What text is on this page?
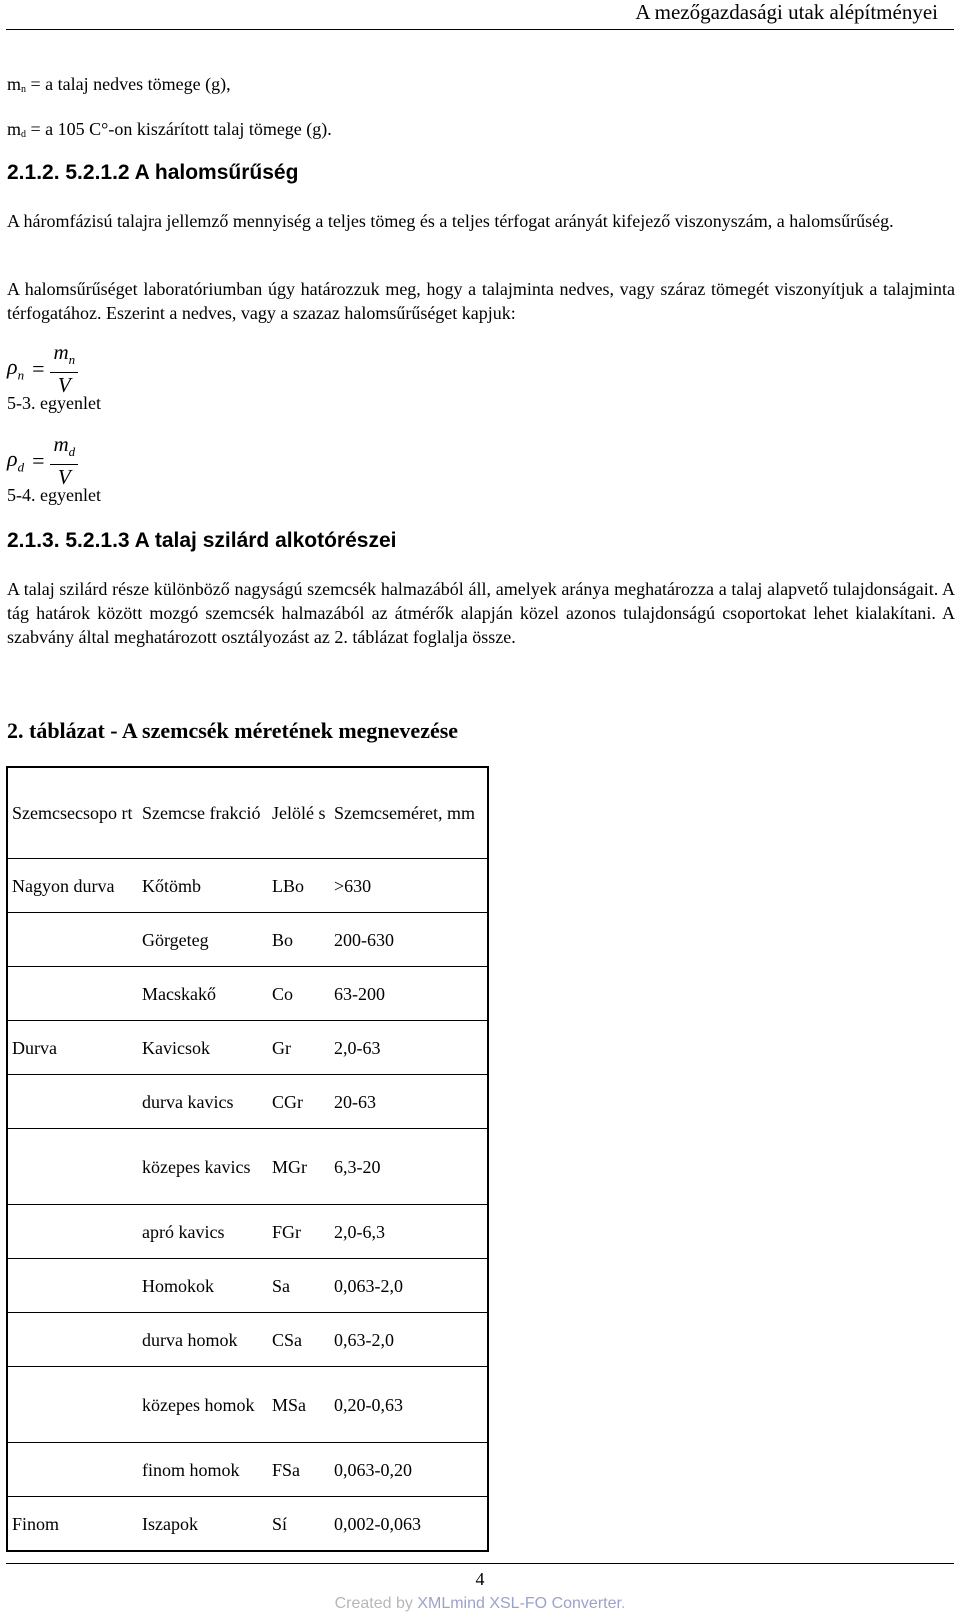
A mezőgazdasági utak alépítményei
$m_n = a$ talaj nedves tömege (g),
$m_d = a$ 105 C°-on kiszárított talaj tömege (g).
2.1.2. 5.2.1.2 A halomsűrűség
A háromfázisú talajra jellemző mennyiség a teljes tömeg és a teljes térfogat arányát kifejező viszonyszám, a halomsűrűség.
A halomsűrűséget laboratóriumban úgy határozzuk meg, hogy a talajminta nedves, vagy száraz tömegét viszonyítjuk a talajminta térfogatához. Eszerint a nedves, vagy a szazaz halomsűrűséget kapjuk:
$\rho_n = \frac{m_n}{V}$
5-3. egyenlet
$\rho_d = \frac{m_d}{V}$
5-4. egyenlet
2.1.3. 5.2.1.3 A talaj szilárd alkotórészei
A talaj szilárd része különböző nagyságú szemcsék halmazából áll, amelyek aránya meghatározza a talaj alapvető tulajdonságait. A tág határok között mozgó szemcsék halmazából az átmérők alapján közel azonos tulajdonságú csoportokat lehet kialakítani. A szabvány által meghatározott osztályozást az 2. táblázat foglalja össze.
2. táblázat - A szemcsék méretének megnevezése
Szemcsecsopo rt	Szemcse frakció	Jelölé s	Szemcseméret, mm
Nagyon durva	Kőtömb	LBo	>630
	Görgeteg	Bo	200-630
	Macskakő	Co	63-200
Durva	Kavicsok	Gr	2,0-63
	durva kavics	CGr	20-63
	közepes kavics	MGr	6,3-20
	apró kavics	FGr	2,0-6,3
	Homokok	Sa	0,063-2,0
	durva homok	CSa	0,63-2,0
	közepes homok	MSa	0,20-0,63
	finom homok	FSa	0,063-0,20
Finom	Iszapok	Sí	0,002-0,063
4
Created by XMLmind XSL-FO Converter.
